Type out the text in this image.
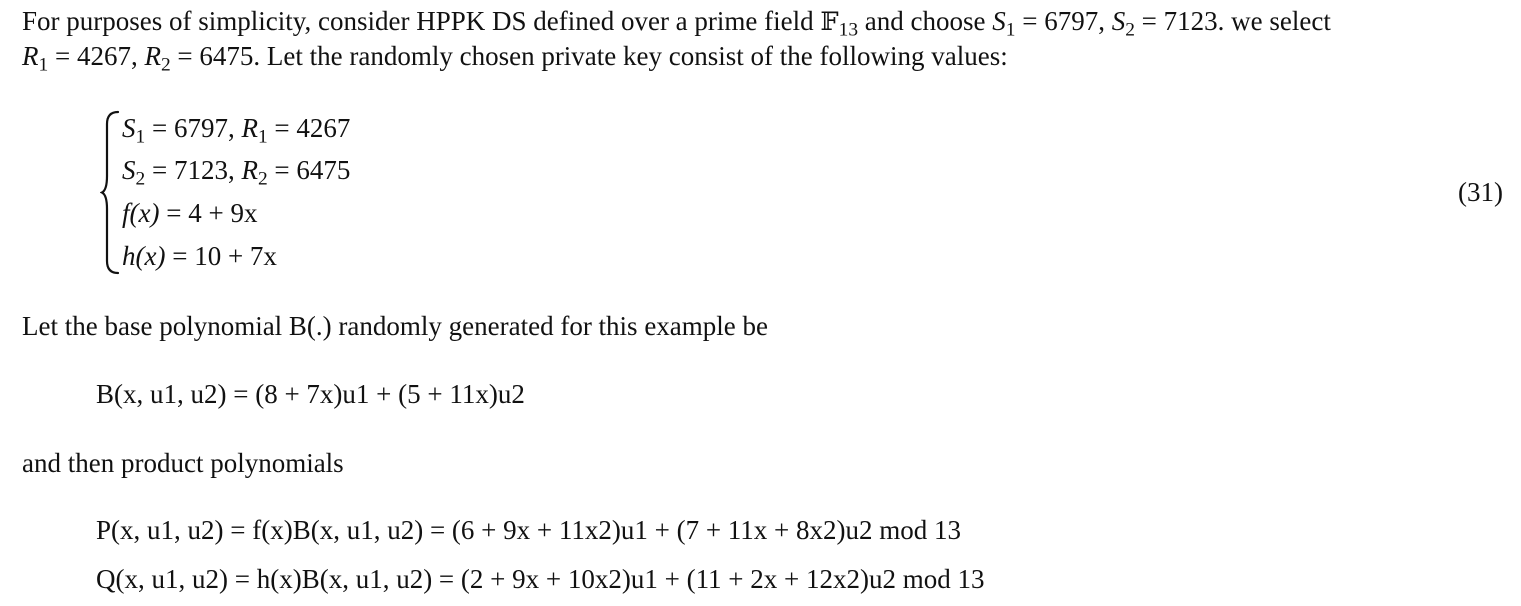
For purposes of simplicity, consider HPPK DS defined over a prime field 𝔽$_{13}$ and choose $S_1 = 6797$, $S_2 = 7123$. we select
$R_1 = 4267$, $R_2 = 6475$. Let the randomly chosen private key consist of the following values:
$S_1 = 6797$, $R_1 = 4267$
$S_2 = 7123$, $R_2 = 6475$
f(x) = 4 + 9x
h(x) = 10 + 7x
(31)
Let the base polynomial B(.) randomly generated for this example be
B(x, u1, u2) = (8 + 7x)u1 + (5 + 11x)u2
and then product polynomials
P(x, u1, u2) = f(x)B(x, u1, u2) = (6 + 9x + 11x2)u1 + (7 + 11x + 8x2)u2 mod 13
Q(x, u1, u2) = h(x)B(x, u1, u2) = (2 + 9x + 10x2)u1 + (11 + 2x + 12x2)u2 mod 13
